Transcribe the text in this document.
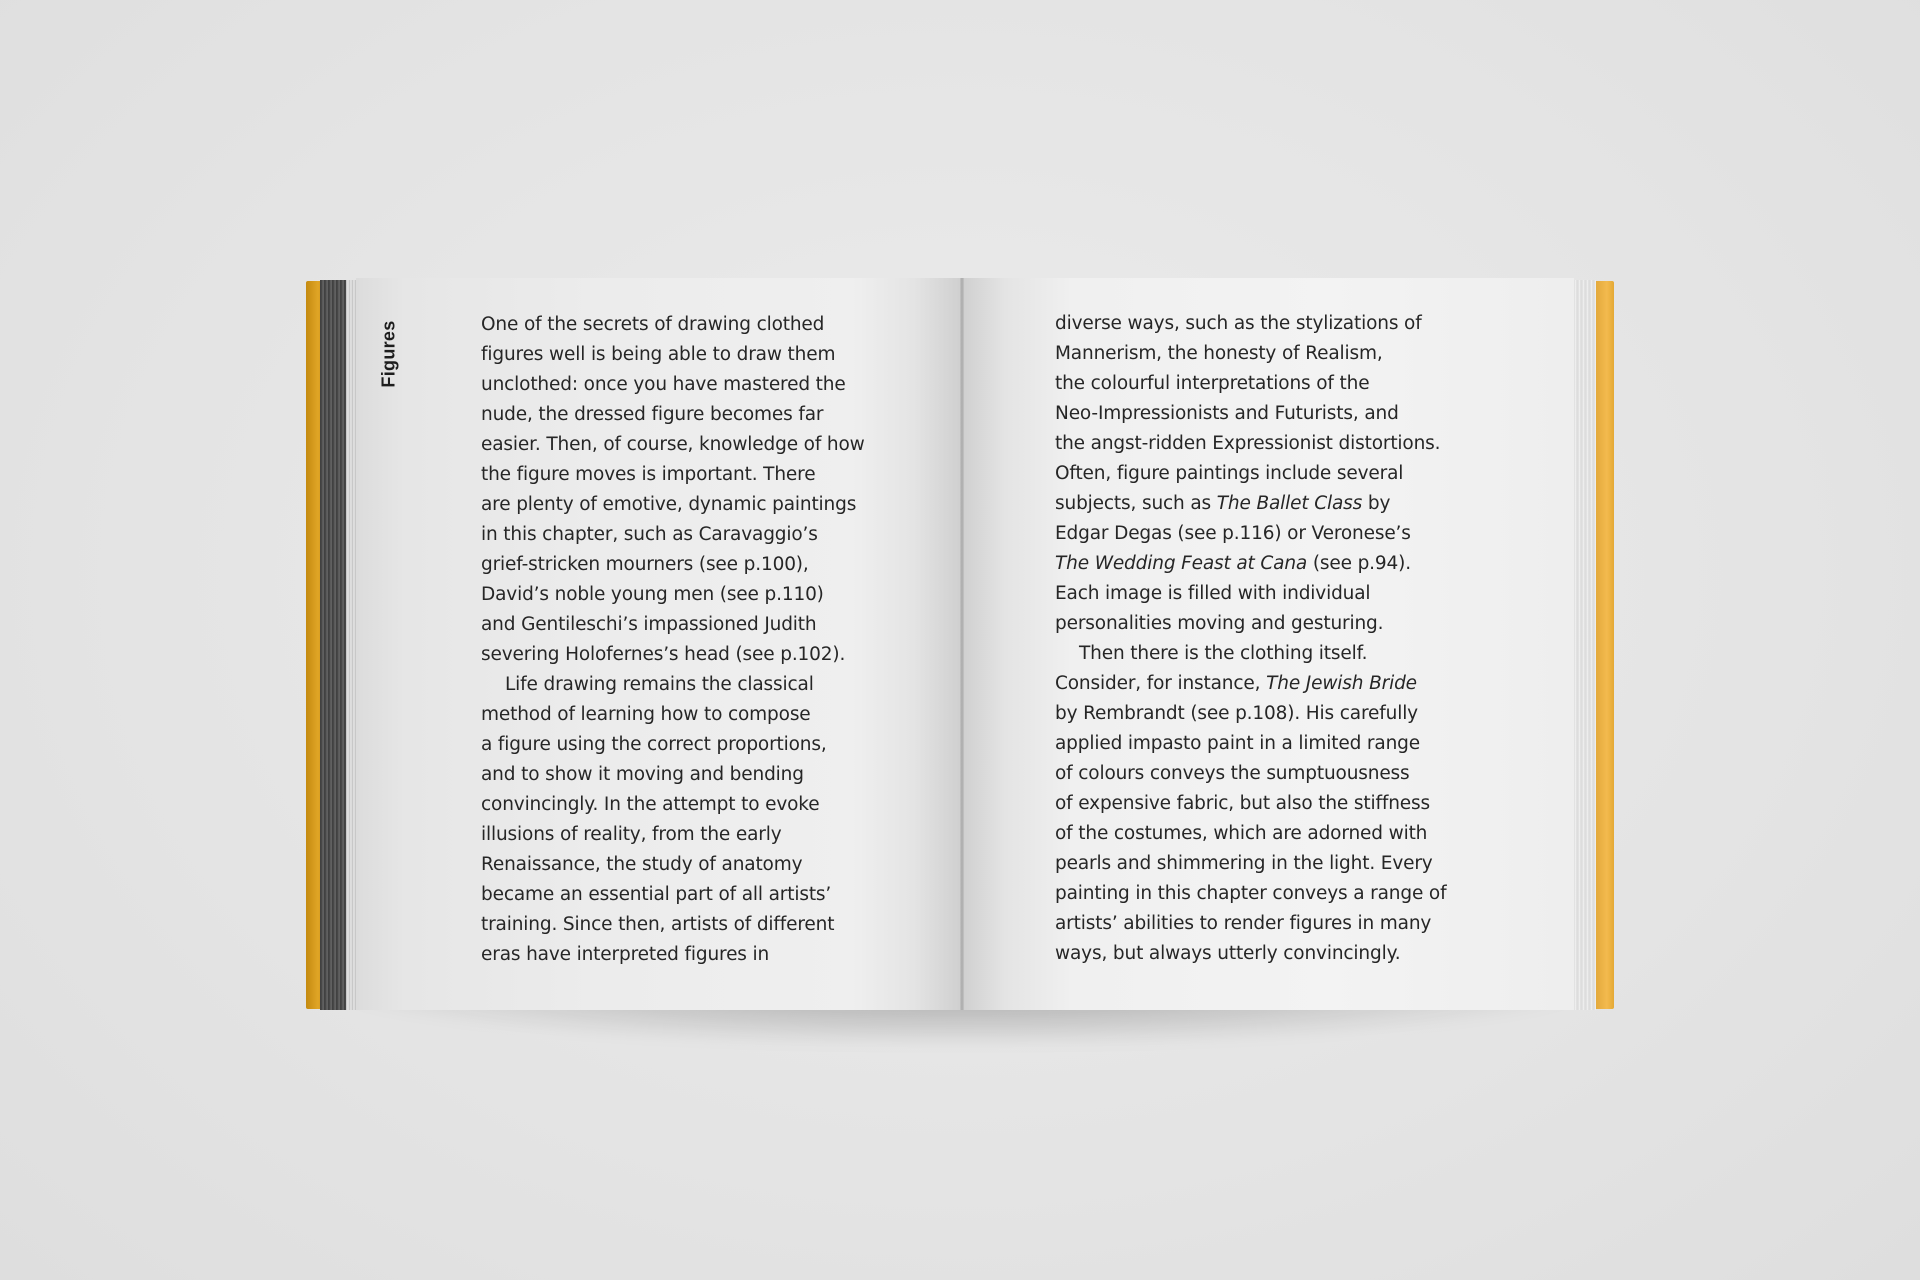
Figures	One of the secrets of drawing clothed
figures well is being able to draw them
unclothed: once you have mastered the
nude, the dressed figure becomes far
easier. Then, of course, knowledge of how
the figure moves is important. There
are plenty of emotive, dynamic paintings
in this chapter, such as Caravaggio’s
grief-stricken mourners (see p.100),
David’s noble young men (see p.110)
and Gentileschi’s impassioned Judith
severing Holofernes’s head (see p.102).
Life drawing remains the classical
method of learning how to compose
a figure using the correct proportions,
and to show it moving and bending
convincingly. In the attempt to evoke
illusions of reality, from the early
Renaissance, the study of anatomy
became an essential part of all artists’
training. Since then, artists of different
eras have interpreted figures in
diverse ways, such as the stylizations of
Mannerism, the honesty of Realism,
the colourful interpretations of the
Neo-Impressionists and Futurists, and
the angst-ridden Expressionist distortions.
Often, figure paintings include several
subjects, such as The Ballet Class by
Edgar Degas (see p.116) or Veronese’s
The Wedding Feast at Cana (see p.94).
Each image is filled with individual
personalities moving and gesturing.
Then there is the clothing itself.
Consider, for instance, The Jewish Bride
by Rembrandt (see p.108). His carefully
applied impasto paint in a limited range
of colours conveys the sumptuousness
of expensive fabric, but also the stiffness
of the costumes, which are adorned with
pearls and shimmering in the light. Every
painting in this chapter conveys a range of
artists’ abilities to render figures in many
ways, but always utterly convincingly.
